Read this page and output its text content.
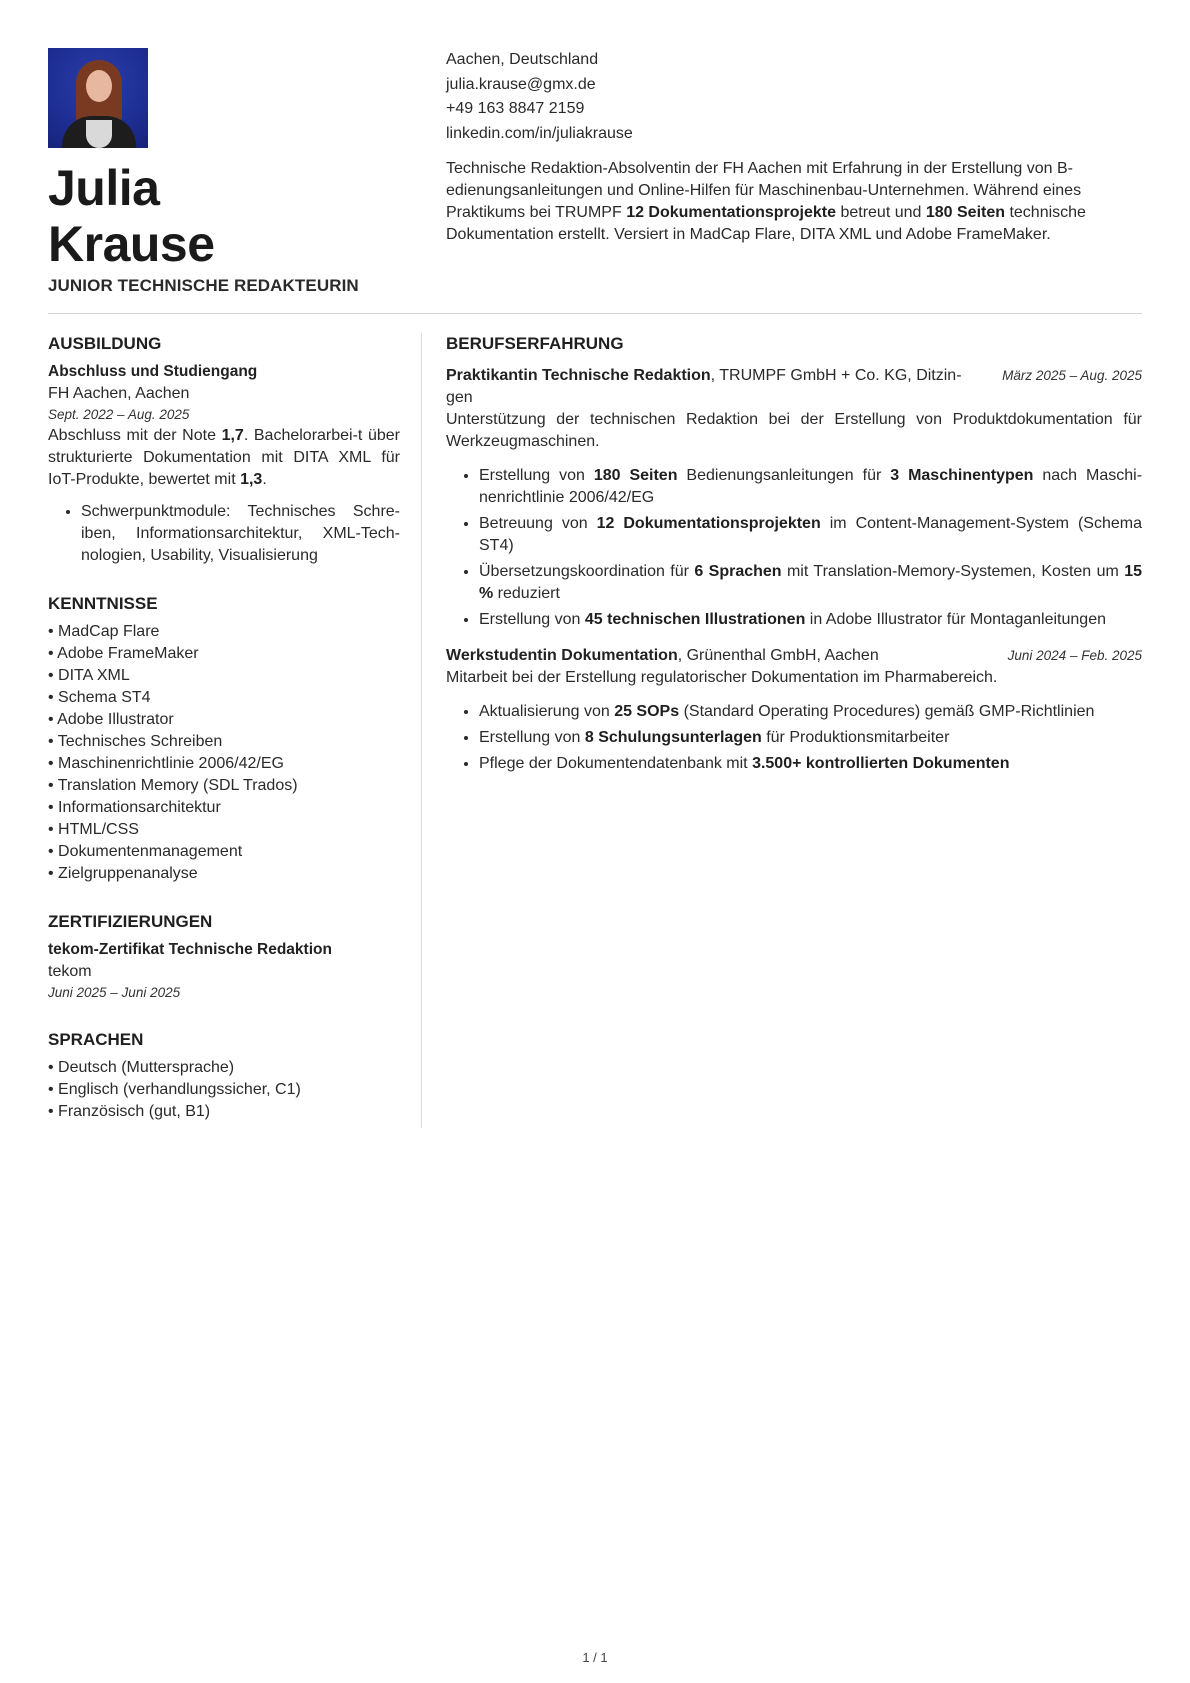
Julia
Krause
JUNIOR TECHNISCHE REDAKTEURIN
Aachen, Deutschland
julia.krause@gmx.de
+49 163 8847 2159
linkedin.com/in/juliakrause
Technische Redaktion-Absolventin der FH Aachen mit Erfahrung in der Erstellung von B-edienungsanleitungen und Online-Hilfen für Maschinenbau-Unternehmen. Während eines Praktikums bei TRUMPF 12 Dokumentationsprojekte betreut und 180 Seiten technische Dokumentation erstellt. Versiert in MadCap Flare, DITA XML und Adobe FrameMaker.
AUSBILDUNG
Abschluss und Studiengang
FH Aachen, Aachen
Sept. 2022 – Aug. 2025
Abschluss mit der Note 1,7. Bachelorarbei-t über strukturierte Dokumentation mit DITA XML für IoT-Produkte, bewertet mit 1,3.
• Schwerpunktmodule: Technisches Schre-iben, Informationsarchitektur, XML-Tech-nologien, Usability, Visualisierung
KENNTNISSE
• MadCap Flare
• Adobe FrameMaker
• DITA XML
• Schema ST4
• Adobe Illustrator
• Technisches Schreiben
• Maschinenrichtlinie 2006/42/EG
• Translation Memory (SDL Trados)
• Informationsarchitektur
• HTML/CSS
• Dokumentenmanagement
• Zielgruppenanalyse
ZERTIFIZIERUNGEN
tekom-Zertifikat Technische Redaktion
tekom
Juni 2025 – Juni 2025
SPRACHEN
• Deutsch (Muttersprache)
• Englisch (verhandlungssicher, C1)
• Französisch (gut, B1)
BERUFSERFAHRUNG
Praktikantin Technische Redaktion, TRUMPF GmbH + Co. KG, Ditzin-gen
März 2025 – Aug. 2025
Unterstützung der technischen Redaktion bei der Erstellung von Produktdokumentation für Werkzeugmaschinen.
• Erstellung von 180 Seiten Bedienungsanleitungen für 3 Maschinentypen nach Maschi-nenrichtlinie 2006/42/EG
• Betreuung von 12 Dokumentationsprojekten im Content-Management-System (Schema ST4)
• Übersetzungskoordination für 6 Sprachen mit Translation-Memory-Systemen, Kosten um 15 % reduziert
• Erstellung von 45 technischen Illustrationen in Adobe Illustrator für Montaganleitungen
Werkstudentin Dokumentation, Grünenthal GmbH, Aachen	Juni 2024 – Feb. 2025
Mitarbeit bei der Erstellung regulatorischer Dokumentation im Pharmabereich.
• Aktualisierung von 25 SOPs (Standard Operating Procedures) gemäß GMP-Richtlinien
• Erstellung von 8 Schulungsunterlagen für Produktionsmitarbeiter
• Pflege der Dokumentendatenbank mit 3.500+ kontrollierten Dokumenten
1 / 1
